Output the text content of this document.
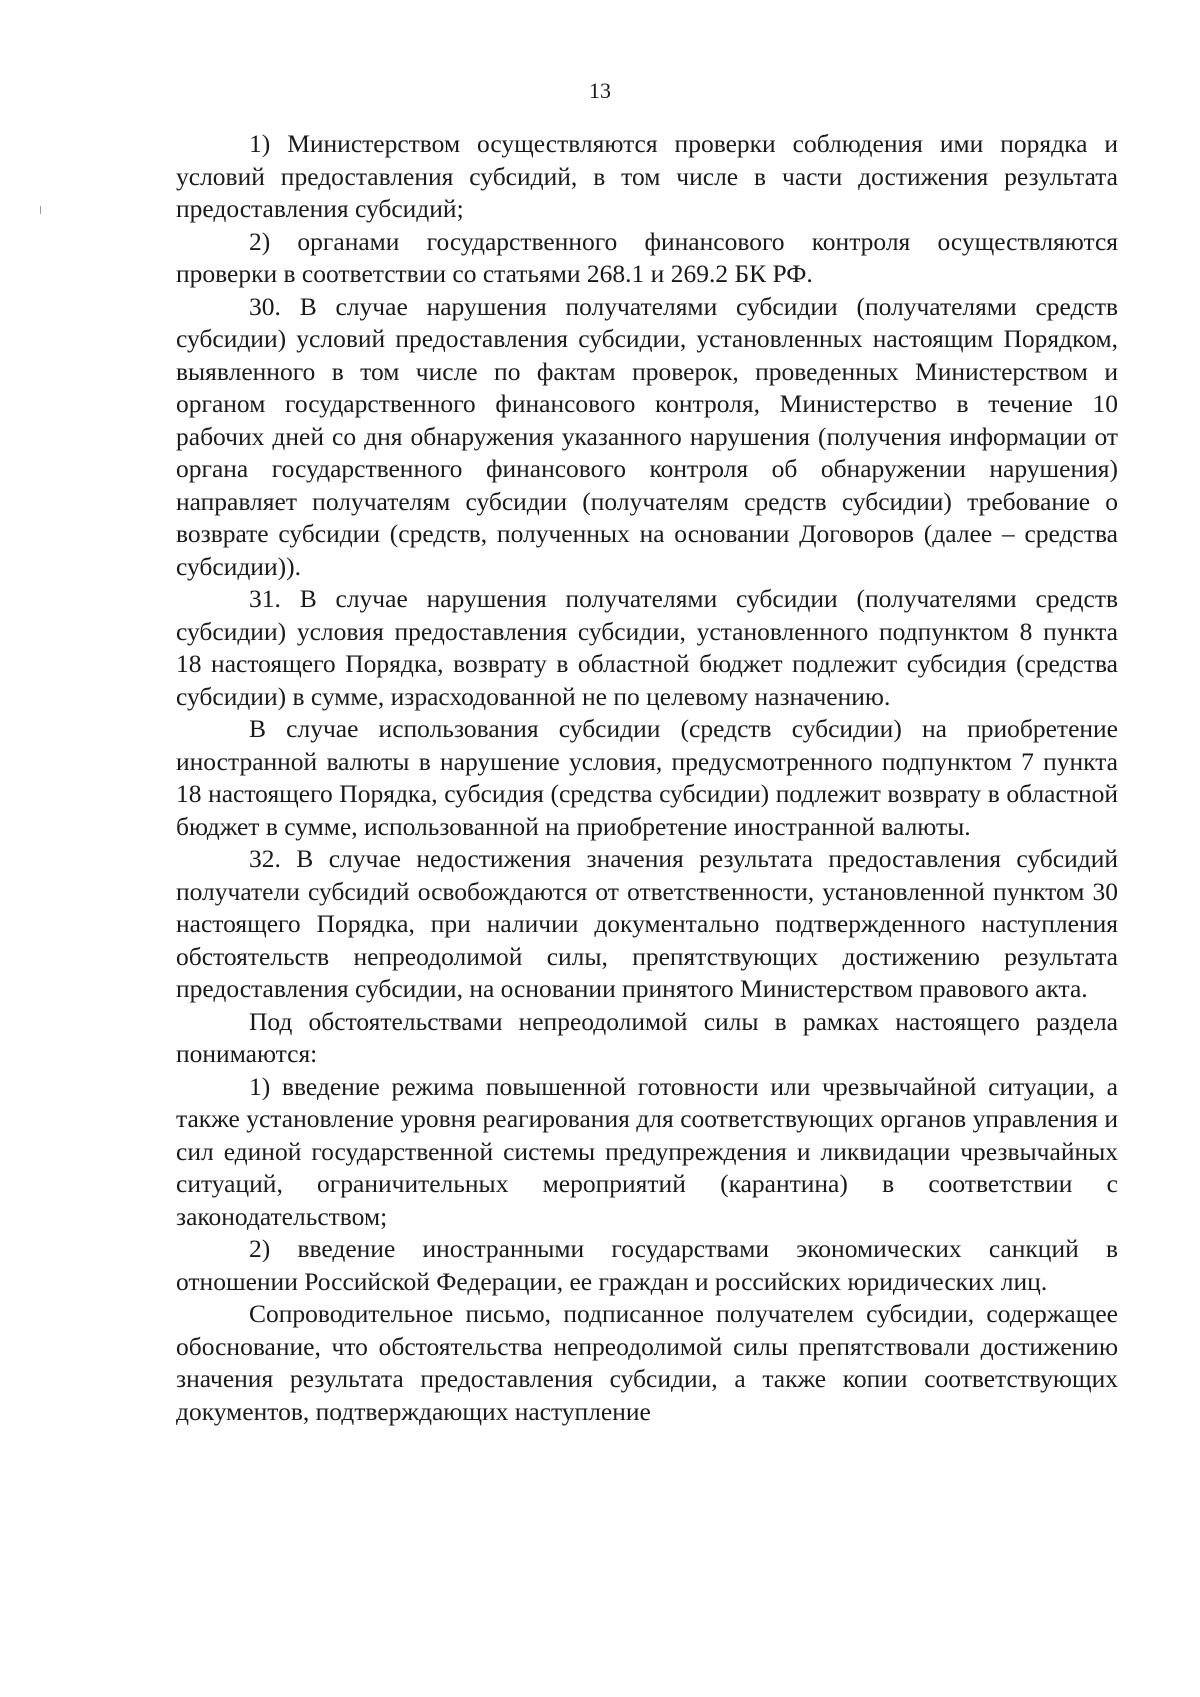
13

1) Министерством осуществляются проверки соблюдения ими порядка и условий предоставления субсидий, в том числе в части достижения результата предоставления субсидий;

2) органами государственного финансового контроля осуществляются проверки в соответствии со статьями 268.1 и 269.2 БК РФ.

30. В случае нарушения получателями субсидии (получателями средств субсидии) условий предоставления субсидии, установленных настоящим Порядком, выявленного в том числе по фактам проверок, проведенных Министерством и органом государственного финансового контроля, Министерство в течение 10 рабочих дней со дня обнаружения указанного нарушения (получения информации от органа государственного финансового контроля об обнаружении нарушения) направляет получателям субсидии (получателям средств субсидии) требование о возврате субсидии (средств, полученных на основании Договоров (далее – средства субсидии)).

31. В случае нарушения получателями субсидии (получателями средств субсидии) условия предоставления субсидии, установленного подпунктом 8 пункта 18 настоящего Порядка, возврату в областной бюджет подлежит субсидия (средства субсидии) в сумме, израсходованной не по целевому назначению.

В случае использования субсидии (средств субсидии) на приобретение иностранной валюты в нарушение условия, предусмотренного подпунктом 7 пункта 18 настоящего Порядка, субсидия (средства субсидии) подлежит возврату в областной бюджет в сумме, использованной на приобретение иностранной валюты.

32. В случае недостижения значения результата предоставления субсидий получатели субсидий освобождаются от ответственности, установленной пунктом 30 настоящего Порядка, при наличии документально подтвержденного наступления обстоятельств непреодолимой силы, препятствующих достижению результата предоставления субсидии, на основании принятого Министерством правового акта.

Под обстоятельствами непреодолимой силы в рамках настоящего раздела понимаются:

1) введение режима повышенной готовности или чрезвычайной ситуации, а также установление уровня реагирования для соответствующих органов управления и сил единой государственной системы предупреждения и ликвидации чрезвычайных ситуаций, ограничительных мероприятий (карантина) в соответствии с законодательством;

2) введение иностранными государствами экономических санкций в отношении Российской Федерации, ее граждан и российских юридических лиц.

Сопроводительное письмо, подписанное получателем субсидии, содержащее обоснование, что обстоятельства непреодолимой силы препятствовали достижению значения результата предоставления субсидии, а также копии соответствующих документов, подтверждающих наступление
